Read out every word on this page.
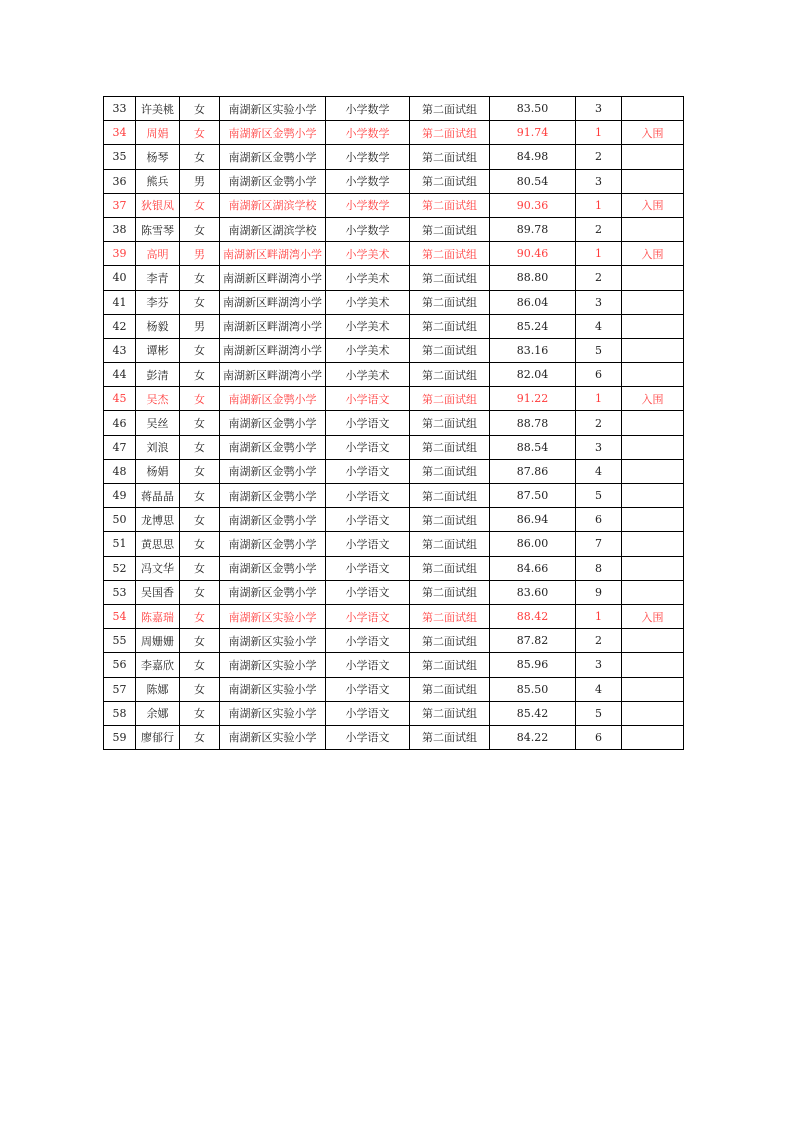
33	许美桃	女	南湖新区实验小学	小学数学	第二面试组	83.50	3	
34	周娟	女	南湖新区金鹗小学	小学数学	第二面试组	91.74	1	入围
35	杨琴	女	南湖新区金鹗小学	小学数学	第二面试组	84.98	2	
36	熊兵	男	南湖新区金鹗小学	小学数学	第二面试组	80.54	3	
37	狄银凤	女	南湖新区湖滨学校	小学数学	第二面试组	90.36	1	入围
38	陈雪琴	女	南湖新区湖滨学校	小学数学	第二面试组	89.78	2	
39	高明	男	南湖新区畔湖湾小学	小学美术	第二面试组	90.46	1	入围
40	李青	女	南湖新区畔湖湾小学	小学美术	第二面试组	88.80	2	
41	李芬	女	南湖新区畔湖湾小学	小学美术	第二面试组	86.04	3	
42	杨毅	男	南湖新区畔湖湾小学	小学美术	第二面试组	85.24	4	
43	谭彬	女	南湖新区畔湖湾小学	小学美术	第二面试组	83.16	5	
44	彭清	女	南湖新区畔湖湾小学	小学美术	第二面试组	82.04	6	
45	吴杰	女	南湖新区金鹗小学	小学语文	第二面试组	91.22	1	入围
46	吴丝	女	南湖新区金鹗小学	小学语文	第二面试组	88.78	2	
47	刘浪	女	南湖新区金鹗小学	小学语文	第二面试组	88.54	3	
48	杨娟	女	南湖新区金鹗小学	小学语文	第二面试组	87.86	4	
49	蒋晶晶	女	南湖新区金鹗小学	小学语文	第二面试组	87.50	5	
50	龙博思	女	南湖新区金鹗小学	小学语文	第二面试组	86.94	6	
51	黄思思	女	南湖新区金鹗小学	小学语文	第二面试组	86.00	7	
52	冯文华	女	南湖新区金鹗小学	小学语文	第二面试组	84.66	8	
53	吴国香	女	南湖新区金鹗小学	小学语文	第二面试组	83.60	9	
54	陈嘉瑞	女	南湖新区实验小学	小学语文	第二面试组	88.42	1	入围
55	周姗姗	女	南湖新区实验小学	小学语文	第二面试组	87.82	2	
56	李嘉欣	女	南湖新区实验小学	小学语文	第二面试组	85.96	3	
57	陈娜	女	南湖新区实验小学	小学语文	第二面试组	85.50	4	
58	余娜	女	南湖新区实验小学	小学语文	第二面试组	85.42	5	
59	廖郁行	女	南湖新区实验小学	小学语文	第二面试组	84.22	6	
